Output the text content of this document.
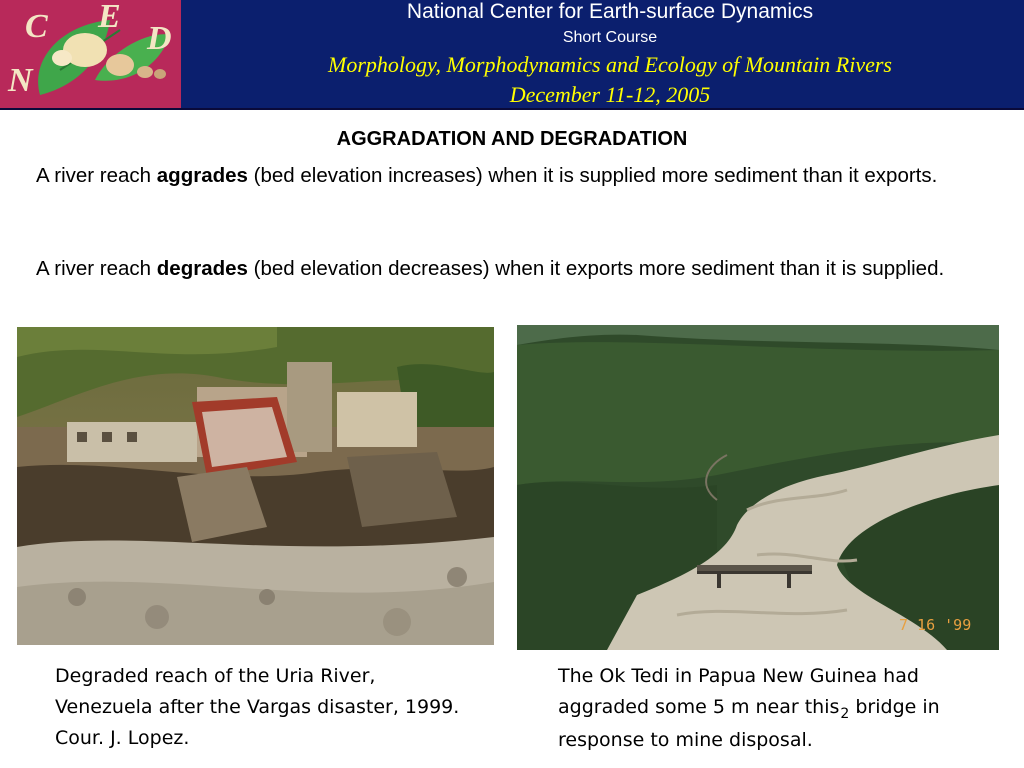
C E
D
N
National Center for Earth-surface Dynamics
Short Course
Morphology, Morphodynamics and Ecology of Mountain Rivers
December 11-12, 2005
AGGRADATION AND DEGRADATION
A river reach aggrades (bed elevation increases) when it is supplied more sediment than it exports.
A river reach degrades (bed elevation decreases) when it exports more sediment than it is supplied.
7 16 '99
Degraded reach of the Uria River, Venezuela after the Vargas disaster, 1999. Cour. J. Lopez.
The Ok Tedi in Papua New Guinea had aggraded some 5 m near this$_2$ bridge in response to mine disposal.
